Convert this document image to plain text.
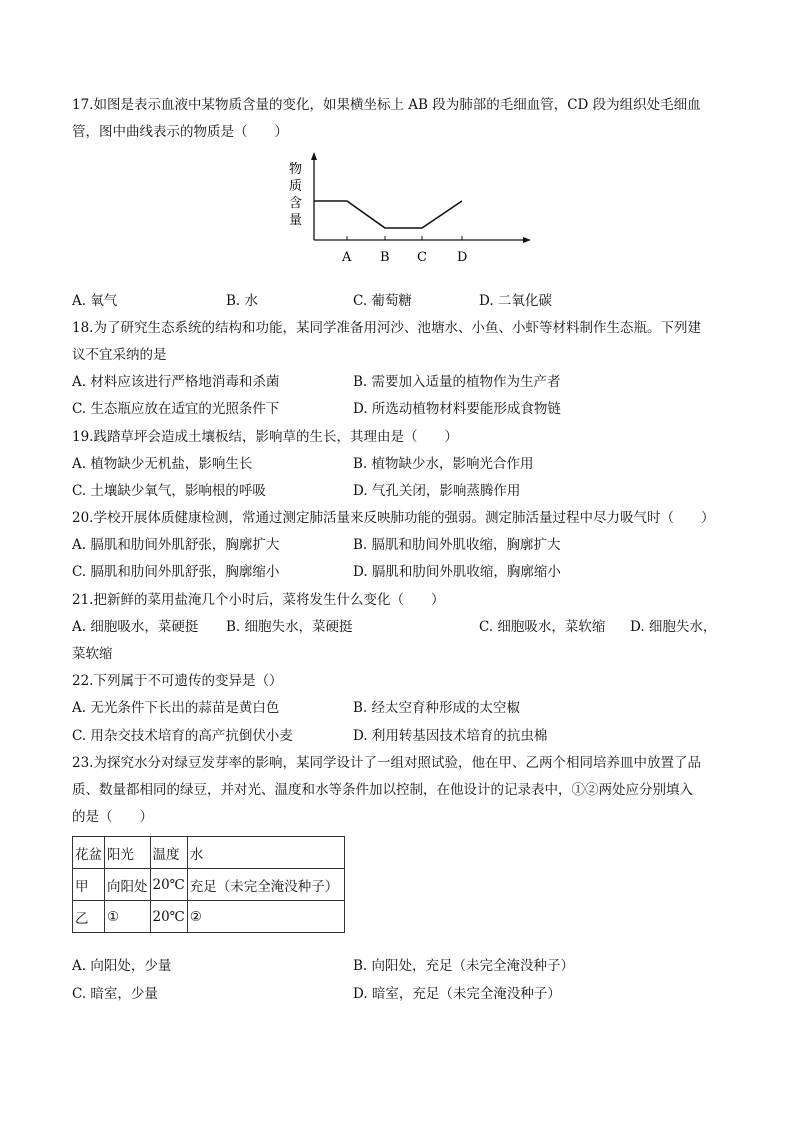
17.如图是表示血液中某物质含量的变化，如果横坐标上 AB 段为肺部的毛细血管，CD 段为组织处毛细血
管，图中曲线表示的物质是（　　）
物
质
含
量
A B C D
A. 氧气	B. 水	C. 葡萄糖	D. 二氧化碳
18.为了研究生态系统的结构和功能，某同学准备用河沙、池塘水、小鱼、小虾等材料制作生态瓶。下列建
议不宜采纳的是
A. 材料应该进行严格地消毒和杀菌	B. 需要加入适量的植物作为生产者
C. 生态瓶应放在适宜的光照条件下	D. 所选动植物材料要能形成食物链
19.践踏草坪会造成土壤板结，影响草的生长，其理由是（　　）
A. 植物缺少无机盐，影响生长	B. 植物缺少水，影响光合作用
C. 土壤缺少氧气，影响根的呼吸	D. 气孔关闭，影响蒸腾作用
20.学校开展体质健康检测，常通过测定肺活量来反映肺功能的强弱。测定肺活量过程中尽力吸气时（　　）
A. 膈肌和肋间外肌舒张，胸廓扩大	B. 膈肌和肋间外肌收缩，胸廓扩大
C. 膈肌和肋间外肌舒张，胸廓缩小	D. 膈肌和肋间外肌收缩，胸廓缩小
21.把新鲜的菜用盐淹几个小时后，菜将发生什么变化（　　）
A. 细胞吸水，菜硬挺 B. 细胞失水，菜硬挺	C. 细胞吸水，菜软缩 D. 细胞失水，
菜软缩
22.下列属于不可遗传的变异是（）
A. 无光条件下长出的蒜苗是黄白色	B. 经太空育种形成的太空椒
C. 用杂交技术培育的高产抗倒伏小麦	D. 利用转基因技术培育的抗虫棉
23.为探究水分对绿豆发芽率的影响，某同学设计了一组对照试验，他在甲、乙两个相同培养皿中放置了品
质、数量都相同的绿豆，并对光、温度和水等条件加以控制，在他设计的记录表中，①②两处应分别填入
的是（　　）
花盆	阳光	温度	水
甲	向阳处	20℃	充足（未完全淹没种子）
乙	①	20℃	②
A. 向阳处，少量	B. 向阳处，充足（未完全淹没种子）
C. 暗室，少量	D. 暗室，充足（未完全淹没种子）
